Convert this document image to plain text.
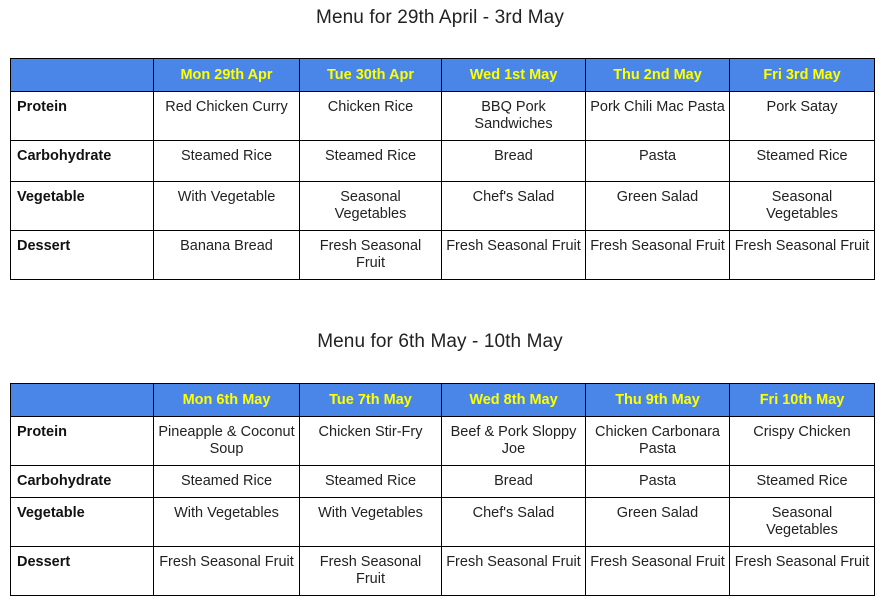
Menu for 29th April - 3rd May
	Mon 29th Apr	Tue 30th Apr	Wed 1st May	Thu 2nd May	Fri 3rd May
Protein	Red Chicken Curry	Chicken Rice	BBQ Pork Sandwiches	Pork Chili Mac Pasta	Pork Satay
Carbohydrate	Steamed Rice	Steamed Rice	Bread	Pasta	Steamed Rice
Vegetable	With Vegetable	Seasonal Vegetables	Chef's Salad	Green Salad	Seasonal Vegetables
Dessert	Banana Bread	Fresh Seasonal Fruit	Fresh Seasonal Fruit	Fresh Seasonal Fruit	Fresh Seasonal Fruit
Menu for 6th May - 10th May
	Mon 6th May	Tue 7th May	Wed 8th May	Thu 9th May	Fri 10th May
Protein	Pineapple & Coconut Soup	Chicken Stir-Fry	Beef & Pork Sloppy Joe	Chicken Carbonara Pasta	Crispy Chicken
Carbohydrate	Steamed Rice	Steamed Rice	Bread	Pasta	Steamed Rice
Vegetable	With Vegetables	With Vegetables	Chef's Salad	Green Salad	Seasonal Vegetables
Dessert	Fresh Seasonal Fruit	Fresh Seasonal Fruit	Fresh Seasonal Fruit	Fresh Seasonal Fruit	Fresh Seasonal Fruit
